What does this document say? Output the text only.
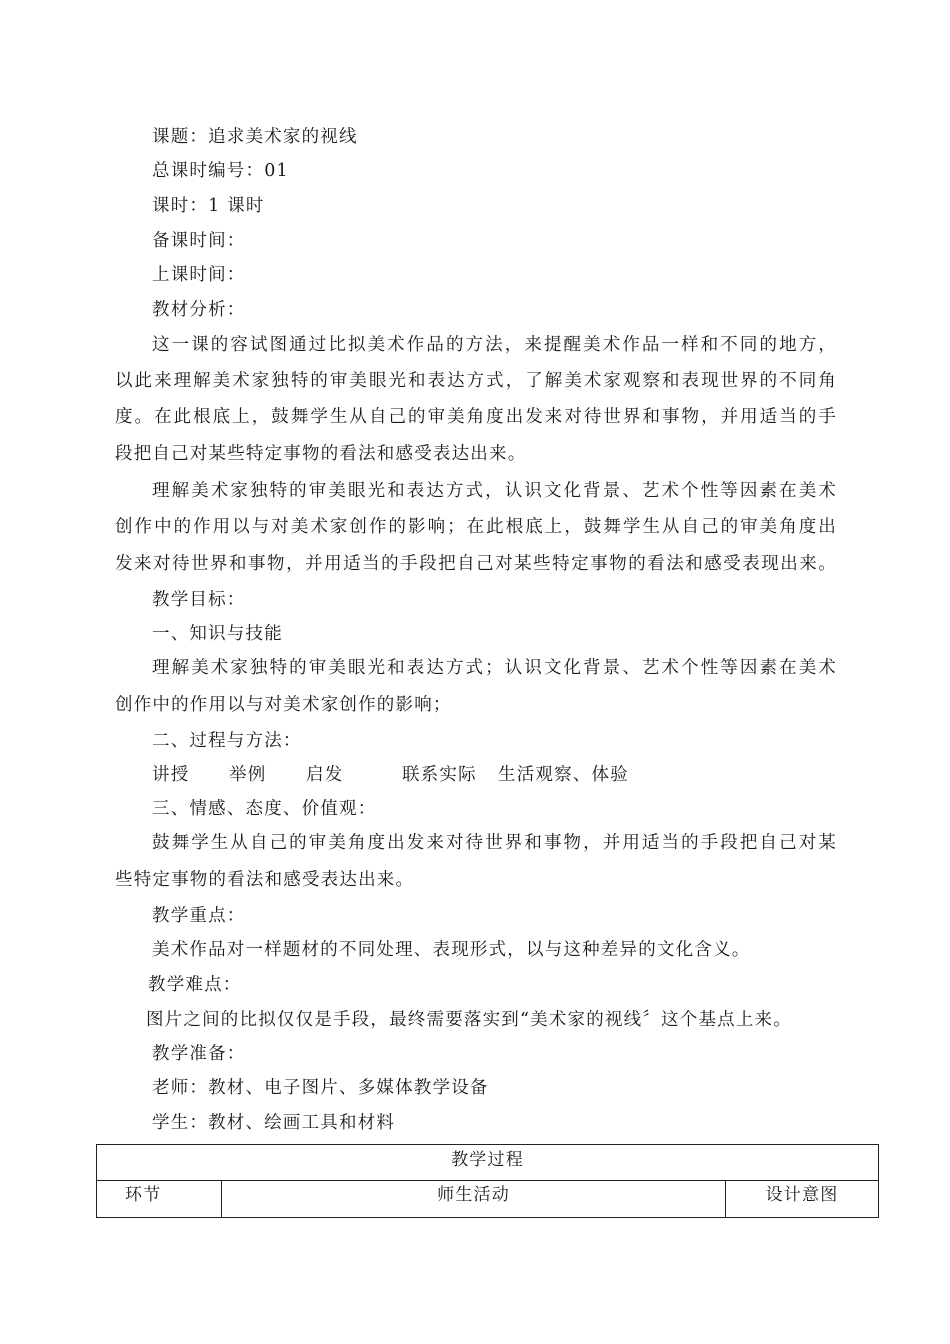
课题：追求美术家的视线
总课时编号：01
课时：1 课时
备课时间：
上课时间：
教材分析：
这一课的容试图通过比拟美术作品的方法，来提醒美术作品一样和不同的地方，
以此来理解美术家独特的审美眼光和表达方式，了解美术家观察和表现世界的不同角
度。在此根底上，鼓舞学生从自己的审美角度出发来对待世界和事物，并用适当的手
段把自己对某些特定事物的看法和感受表达出来。
理解美术家独特的审美眼光和表达方式，认识文化背景、艺术个性等因素在美术
创作中的作用以与对美术家创作的影响；在此根底上，鼓舞学生从自己的审美角度出
发来对待世界和事物，并用适当的手段把自己对某些特定事物的看法和感受表现出来。
教学目标：
一、知识与技能
理解美术家独特的审美眼光和表达方式；认识文化背景、艺术个性等因素在美术
创作中的作用以与对美术家创作的影响；
二、过程与方法：
讲授 举例 启发	联系实际 生活观察、体验
三、情感、态度、价值观：
鼓舞学生从自己的审美角度出发来对待世界和事物，并用适当的手段把自己对某
些特定事物的看法和感受表达出来。
教学重点：
美术作品对一样题材的不同处理、表现形式，以与这种差异的文化含义。
教学难点：
图片之间的比拟仅仅是手段，最终需要落实到“美术家的视线〞这个基点上来。
教学准备：
老师：教材、电子图片、多媒体教学设备
学生：教材、绘画工具和材料
教学过程
环节	师生活动	设计意图
